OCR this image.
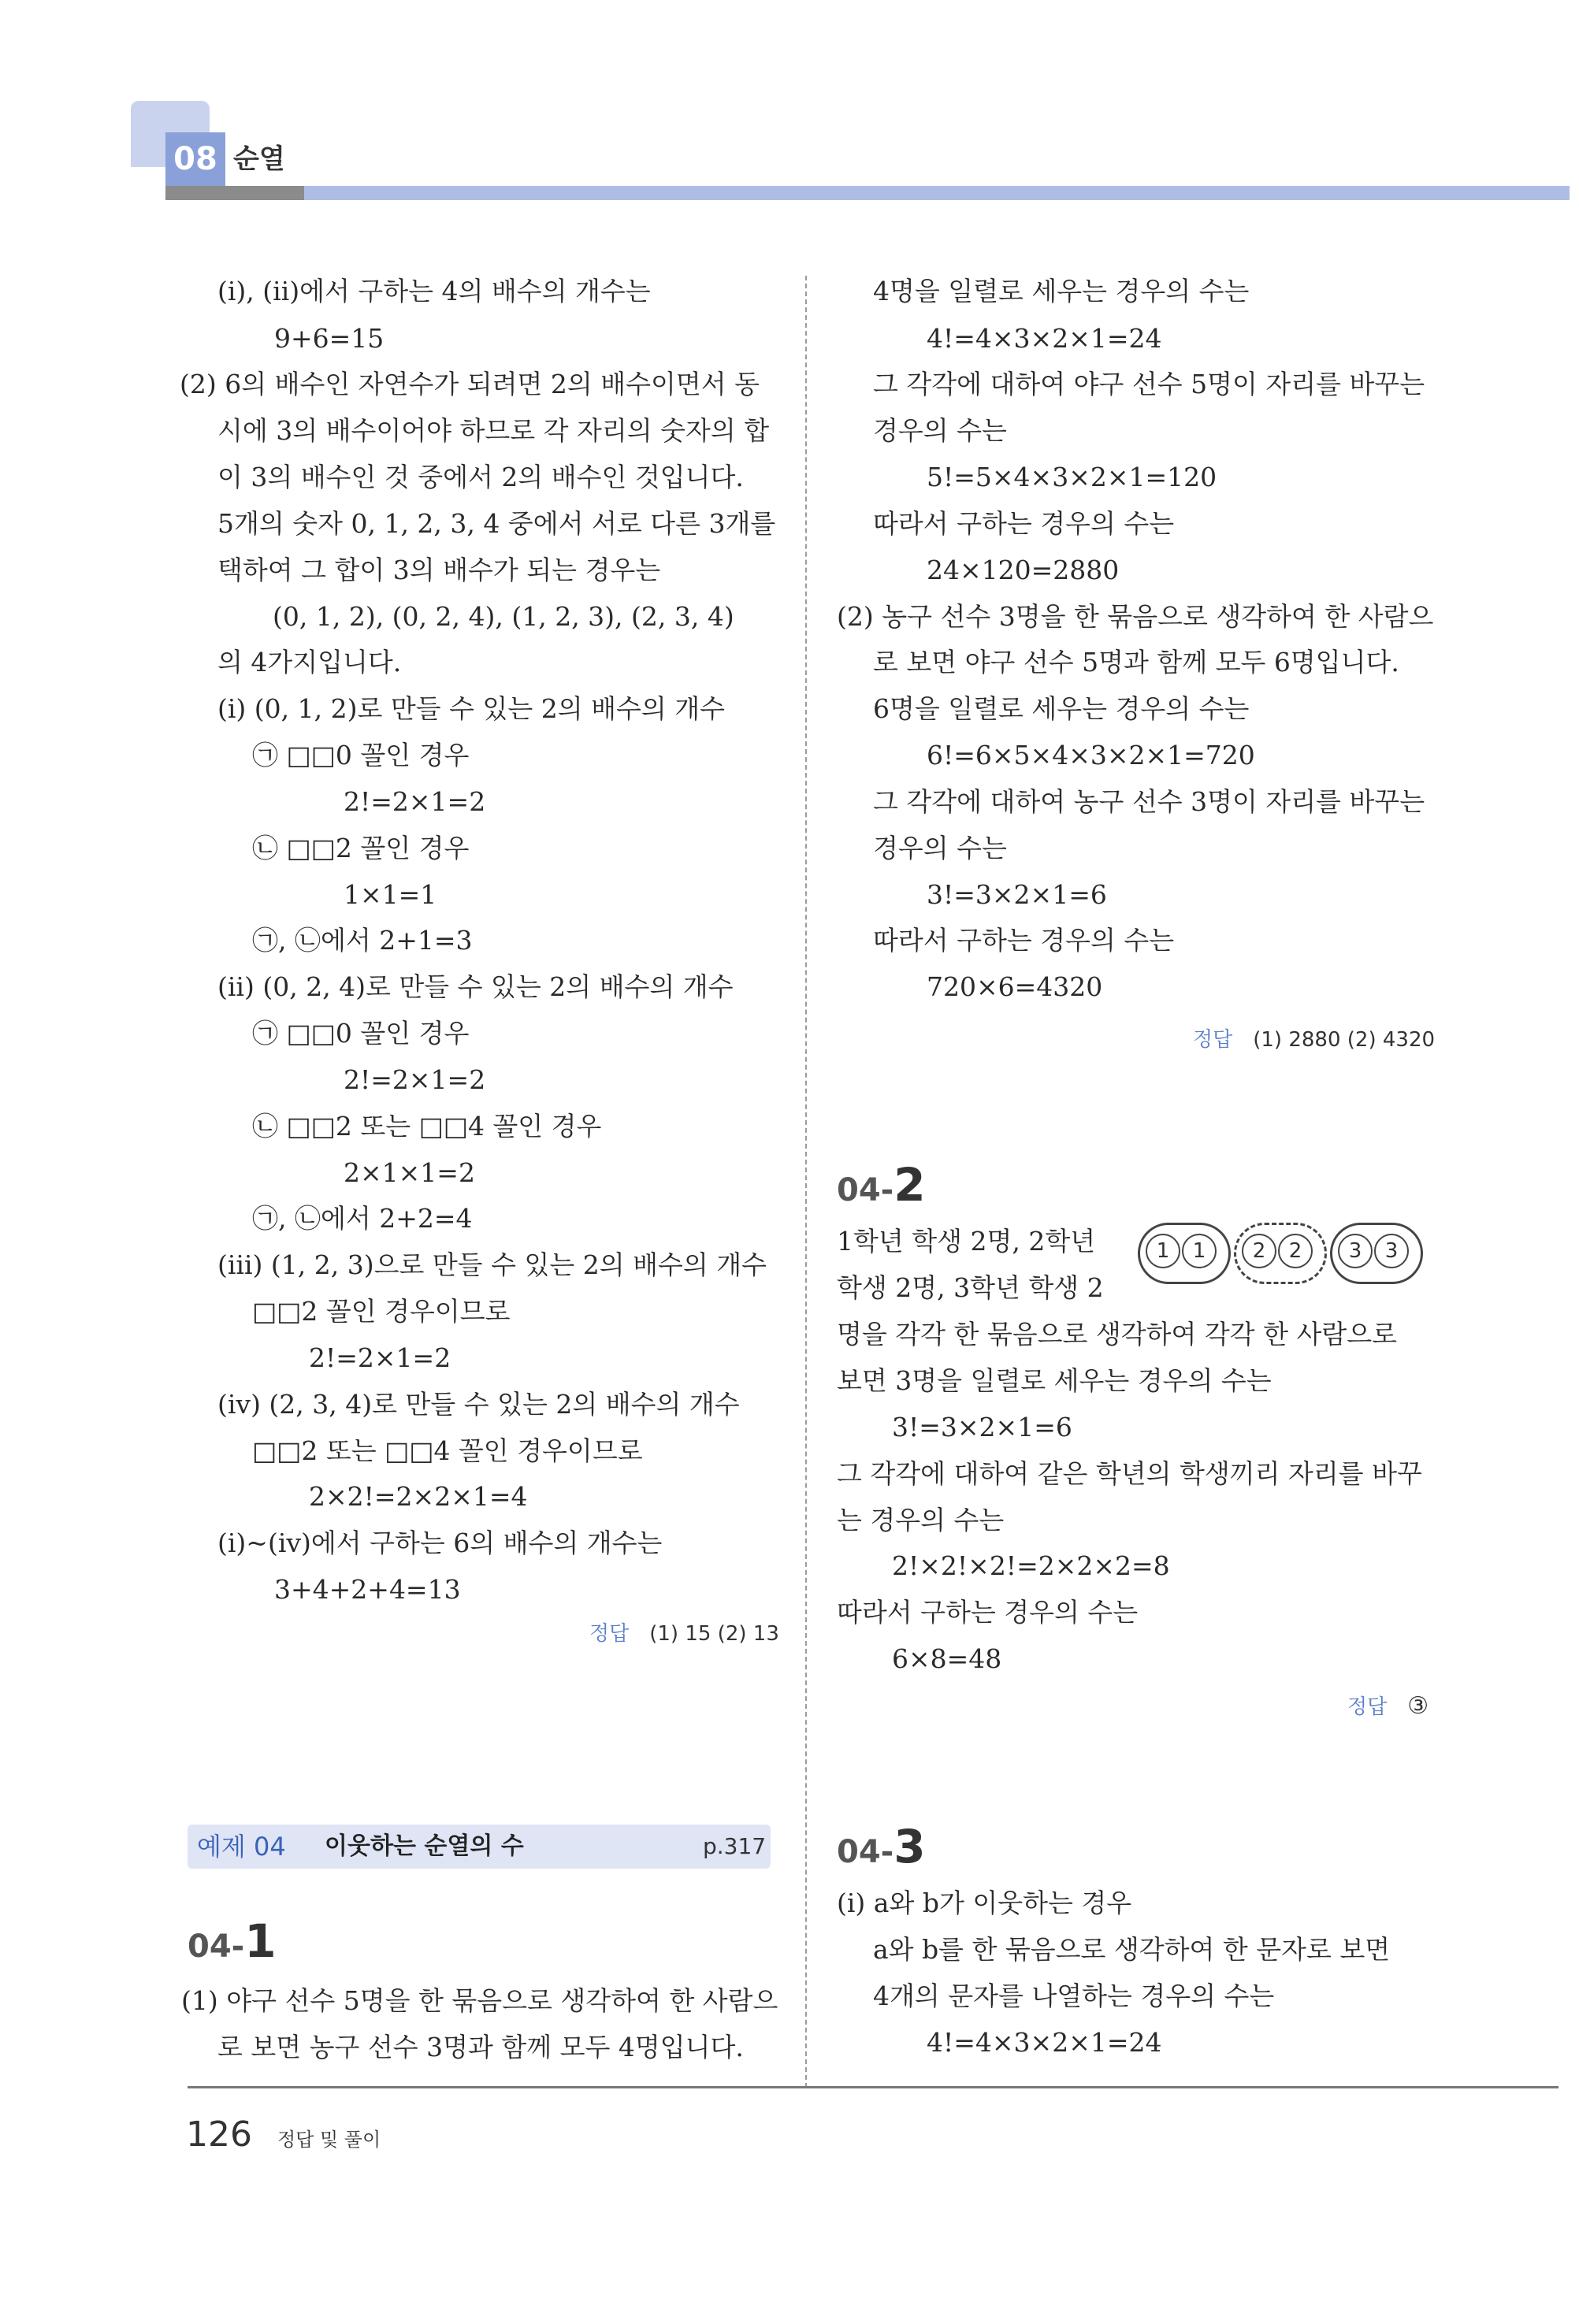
08 순열
(ⅰ), (ⅱ)에서 구하는 4의 배수의 개수는
9+6=15
(2) 6의 배수인 자연수가 되려면 2의 배수이면서 동
시에 3의 배수이어야 하므로 각 자리의 숫자의 합
이 3의 배수인 것 중에서 2의 배수인 것입니다.
5개의 숫자 0, 1, 2, 3, 4 중에서 서로 다른 3개를
택하여 그 합이 3의 배수가 되는 경우는
(0, 1, 2), (0, 2, 4), (1, 2, 3), (2, 3, 4)
의 4가지입니다.
(ⅰ) (0, 1, 2)로 만들 수 있는 2의 배수의 개수
㉠ □□0 꼴인 경우
2!=2×1=2
㉡ □□2 꼴인 경우
1×1=1
㉠, ㉡에서 2+1=3
(ⅱ) (0, 2, 4)로 만들 수 있는 2의 배수의 개수
㉠ □□0 꼴인 경우
2!=2×1=2
㉡ □□2 또는 □□4 꼴인 경우
2×1×1=2
㉠, ㉡에서 2+2=4
(ⅲ) (1, 2, 3)으로 만들 수 있는 2의 배수의 개수
□□2 꼴인 경우이므로
2!=2×1=2
(ⅳ) (2, 3, 4)로 만들 수 있는 2의 배수의 개수
□□2 또는 □□4 꼴인 경우이므로
2×2!=2×2×1=4
(ⅰ)~(ⅳ)에서 구하는 6의 배수의 개수는
3+4+2+4=13
정답 (1) 15 (2) 13
예제 04 이웃하는 순열의 수	p.317
04-1
(1) 야구 선수 5명을 한 묶음으로 생각하여 한 사람으
로 보면 농구 선수 3명과 함께 모두 4명입니다.
4명을 일렬로 세우는 경우의 수는
4!=4×3×2×1=24
그 각각에 대하여 야구 선수 5명이 자리를 바꾸는
경우의 수는
5!=5×4×3×2×1=120
따라서 구하는 경우의 수는
24×120=2880
(2) 농구 선수 3명을 한 묶음으로 생각하여 한 사람으
로 보면 야구 선수 5명과 함께 모두 6명입니다.
6명을 일렬로 세우는 경우의 수는
6!=6×5×4×3×2×1=720
그 각각에 대하여 농구 선수 3명이 자리를 바꾸는
경우의 수는
3!=3×2×1=6
따라서 구하는 경우의 수는
720×6=4320
정답 (1) 2880 (2) 4320
04-2
1학년 학생 2명, 2학년
학생 2명, 3학년 학생 2
1	1	2	2	3	3
명을 각각 한 묶음으로 생각하여 각각 한 사람으로
보면 3명을 일렬로 세우는 경우의 수는
3!=3×2×1=6
그 각각에 대하여 같은 학년의 학생끼리 자리를 바꾸
는 경우의 수는
2!×2!×2!=2×2×2=8
따라서 구하는 경우의 수는
6×8=48
정답 ③
04-3
(ⅰ) a와 b가 이웃하는 경우
a와 b를 한 묶음으로 생각하여 한 문자로 보면
4개의 문자를 나열하는 경우의 수는
4!=4×3×2×1=24
126 정답 및 풀이
